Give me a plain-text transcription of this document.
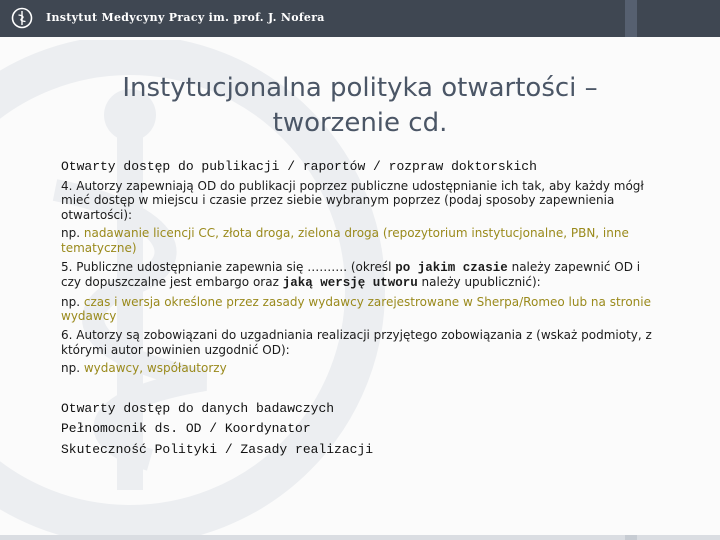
Instytut Medycyny Pracy im. prof. J. Nofera
Instytucjonalna polityka otwartości –
tworzenie cd.

Otwarty dostęp do publikacji / raportów / rozpraw doktorskich

4. Autorzy zapewniają OD do publikacji poprzez publiczne udostępnianie ich tak, aby każdy mógł mieć dostęp w miejscu i czasie przez siebie wybranym poprzez (podaj sposoby zapewnienia otwartości):

np. nadawanie licencji CC, złota droga, zielona droga (repozytorium instytucjonalne, PBN, inne tematyczne)

5. Publiczne udostępnianie zapewnia się ………. (określ po jakim czasie należy zapewnić OD i czy dopuszczalne jest embargo oraz jaką wersję utworu należy upublicznić):

np. czas i wersja określone przez zasady wydawcy zarejestrowane w Sherpa/Romeo lub na stronie wydawcy

6. Autorzy są zobowiązani do uzgadniania realizacji przyjętego zobowiązania z (wskaż podmioty, z którymi autor powinien uzgodnić OD):

np. wydawcy, współautorzy

Otwarty dostęp do danych badawczych

Pełnomocnik ds. OD / Koordynator

Skuteczność Polityki / Zasady realizacji
